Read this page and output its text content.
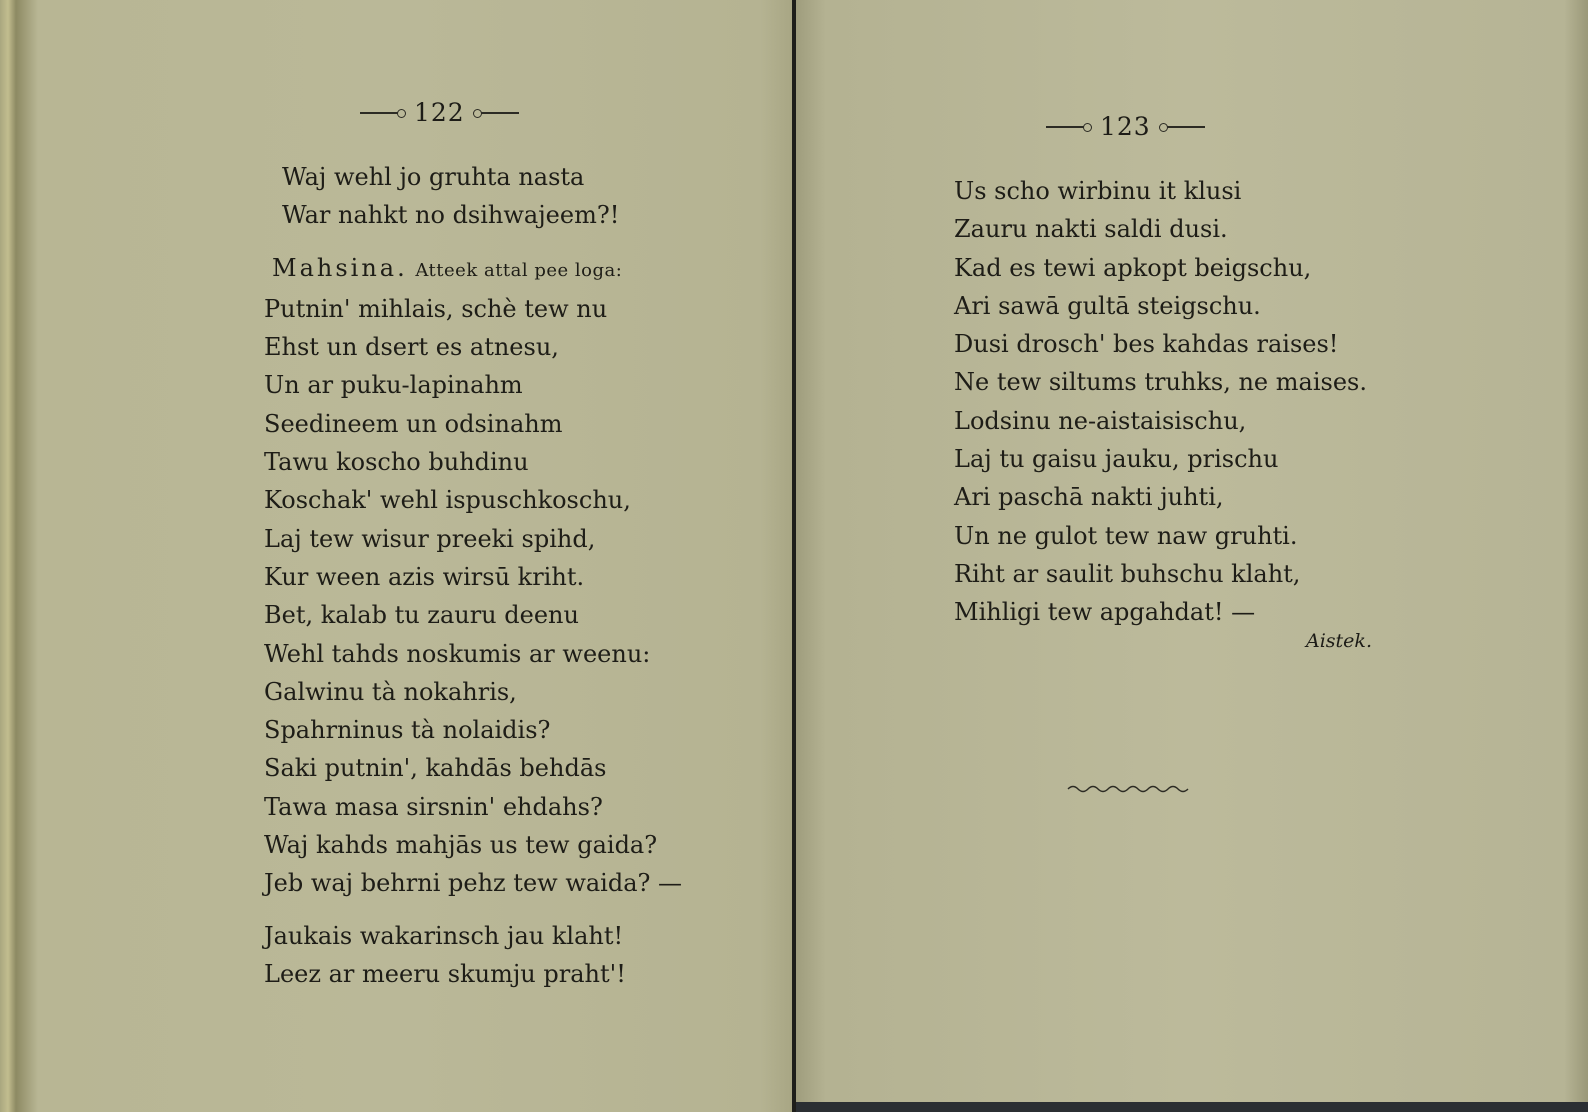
122
Waj wehl jo gruhta nasta
War nahkt no dsihwajeem?!
Mahsina. Atteek attal pee loga:
Putnin' mihlais, schè tew nu
Ehst un dsert es atnesu,
Un ar puku-lapinahm
Seedineem un odsinahm
Tawu koscho buhdinu
Koschak' wehl ispuschkoschu,
Laj tew wisur preeki spihd,
Kur ween azis wirsū kriht.
Bet, kalab tu zauru deenu
Wehl tahds noskumis ar weenu:
Galwinu tà nokahris,
Spahrninus tà nolaidis?
Saki putnin', kahdās behdās
Tawa masa sirsnin' ehdahs?
Waj kahds mahjās us tew gaida?
Jeb waj behrni pehz tew waida? —
Jaukais wakarinsch jau klaht!
Leez ar meeru skumju praht'!
123
Us scho wirbinu it klusi
Zauru nakti saldi dusi.
Kad es tewi apkopt beigschu,
Ari sawā gultā steigschu.
Dusi drosch' bes kahdas raises!
Ne tew siltums truhks, ne maises.
Lodsinu ne-aistaisischu,
Laj tu gaisu jauku, prischu
Ari paschā nakti juhti,
Un ne gulot tew naw gruhti.
Riht ar saulit buhschu klaht,
Mihligi tew apgahdat! —
Aistek.
